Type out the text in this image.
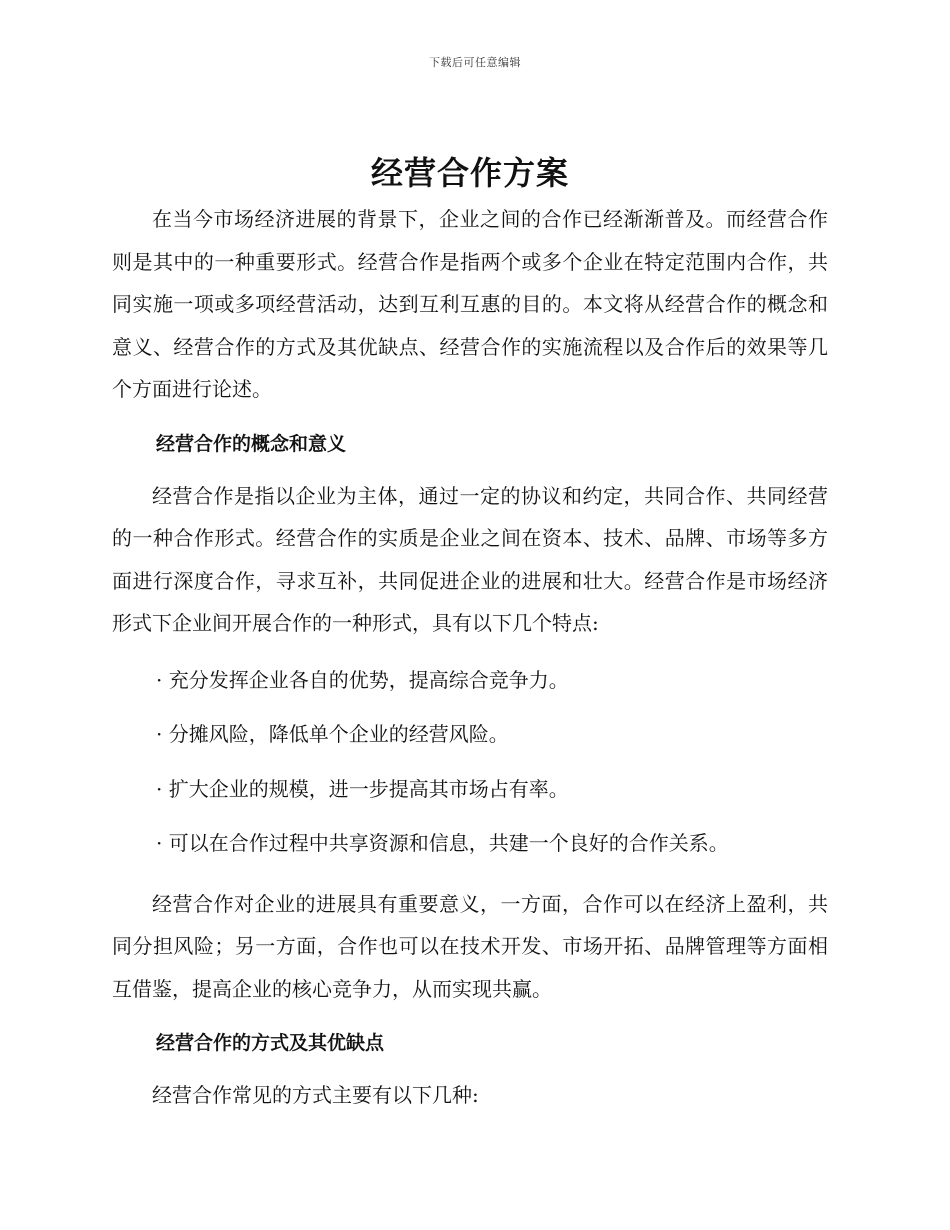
下载后可任意编辑
经营合作方案

在当今市场经济进展的背景下，企业之间的合作已经渐渐普及。而经营合作则是其中的一种重要形式。经营合作是指两个或多个企业在特定范围内合作，共同实施一项或多项经营活动，达到互利互惠的目的。本文将从经营合作的概念和意义、经营合作的方式及其优缺点、经营合作的实施流程以及合作后的效果等几个方面进行论述。

经营合作的概念和意义

经营合作是指以企业为主体，通过一定的协议和约定，共同合作、共同经营的一种合作形式。经营合作的实质是企业之间在资本、技术、品牌、市场等多方面进行深度合作，寻求互补，共同促进企业的进展和壮大。经营合作是市场经济形式下企业间开展合作的一种形式，具有以下几个特点:

· 充分发挥企业各自的优势，提高综合竞争力。
· 分摊风险，降低单个企业的经营风险。
· 扩大企业的规模，进一步提高其市场占有率。
· 可以在合作过程中共享资源和信息，共建一个良好的合作关系。

经营合作对企业的进展具有重要意义，一方面，合作可以在经济上盈利，共同分担风险；另一方面，合作也可以在技术开发、市场开拓、品牌管理等方面相互借鉴，提高企业的核心竞争力，从而实现共赢。

经营合作的方式及其优缺点

经营合作常见的方式主要有以下几种:
